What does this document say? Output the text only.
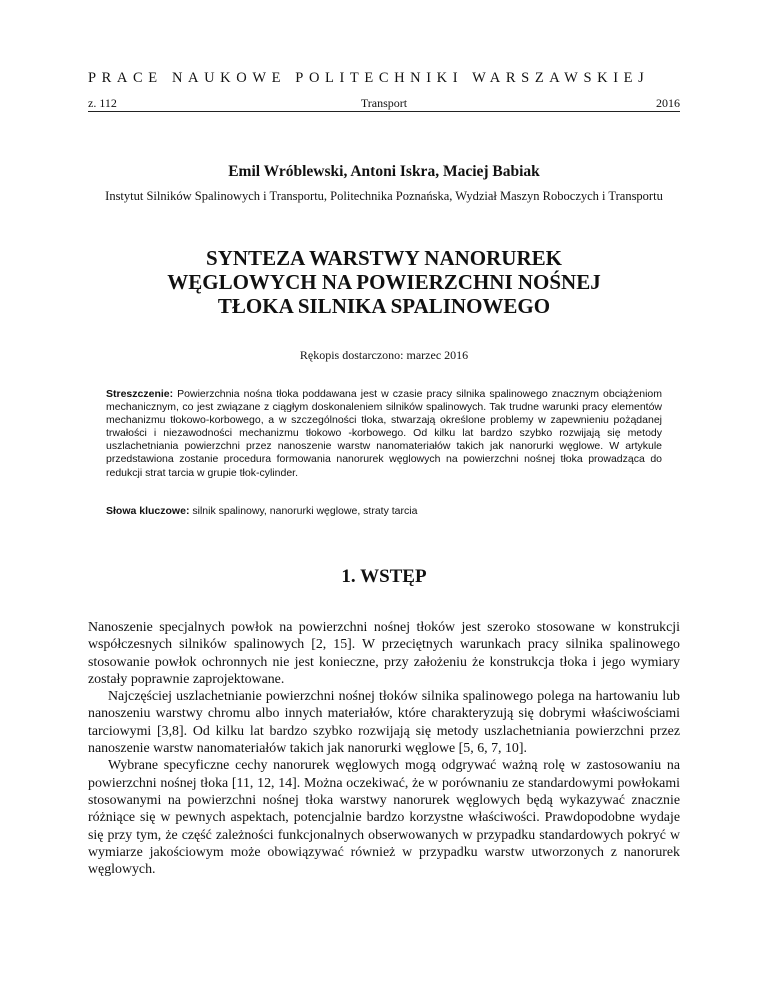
PRACE NAUKOWE POLITECHNIKI WARSZAWSKIEJ
z. 112	Transport	2016
Emil Wróblewski, Antoni Iskra, Maciej Babiak
Instytut Silników Spalinowych i Transportu, Politechnika Poznańska, Wydział Maszyn Roboczych i Transportu
SYNTEZA WARSTWY NANORUREK
WĘGLOWYCH NA POWIERZCHNI NOŚNEJ
TŁOKA SILNIKA SPALINOWEGO
Rękopis dostarczono: marzec 2016

Streszczenie: Powierzchnia nośna tłoka poddawana jest w czasie pracy silnika spalinowego znacznym obciążeniom mechanicznym, co jest związane z ciągłym doskonaleniem silników spalinowych. Tak trudne warunki pracy elementów mechanizmu tłokowo-korbowego, a w szczególności tłoka, stwarzają określone problemy w zapewnieniu pożądanej trwałości i niezawodności mechanizmu tłokowo -korbowego. Od kilku lat bardzo szybko rozwijają się metody uszlachetniania powierzchni przez nanoszenie warstw nanomateriałów takich jak nanorurki węglowe. W artykule przedstawiona zostanie procedura formowania nanorurek węglowych na powierzchni nośnej tłoka prowadząca do redukcji strat tarcia w grupie tłok-cylinder.

Słowa kluczowe: silnik spalinowy, nanorurki węglowe, straty tarcia

1. WSTĘP

Nanoszenie specjalnych powłok na powierzchni nośnej tłoków jest szeroko stosowane w konstrukcji współczesnych silników spalinowych [2, 15]. W przeciętnych warunkach pracy silnika spalinowego stosowanie powłok ochronnych nie jest konieczne, przy założeniu że konstrukcja tłoka i jego wymiary zostały poprawnie zaprojektowane.

Najczęściej uszlachetnianie powierzchni nośnej tłoków silnika spalinowego polega na hartowaniu lub nanoszeniu warstwy chromu albo innych materiałów, które charakteryzują się dobrymi właściwościami tarciowymi [3,8]. Od kilku lat bardzo szybko rozwijają się metody uszlachetniania powierzchni przez nanoszenie warstw nanomateriałów takich jak nanorurki węglowe [5, 6, 7, 10].

Wybrane specyficzne cechy nanorurek węglowych mogą odgrywać ważną rolę w zastosowaniu na powierzchni nośnej tłoka [11, 12, 14]. Można oczekiwać, że w porównaniu ze standardowymi powłokami stosowanymi na powierzchni nośnej tłoka warstwy nanorurek węglowych będą wykazywać znacznie różniące się w pewnych aspektach, potencjalnie bardzo korzystne właściwości. Prawdopodobne wydaje się przy tym, że część zależności funkcjonalnych obserwowanych w przypadku standardowych pokryć w wymiarze jakościowym może obowiązywać również w przypadku warstw utworzonych z nanorurek węglowych.
